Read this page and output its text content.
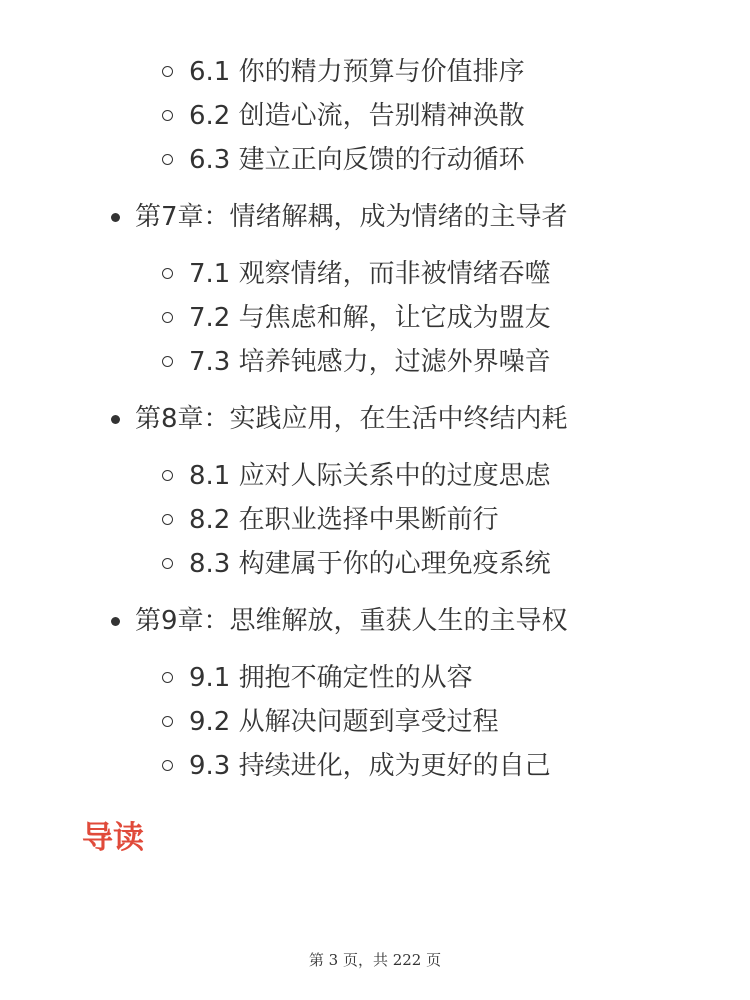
6.1 你的精力预算与价值排序
6.2 创造心流，告别精神涣散
6.3 建立正向反馈的行动循环
第7章：情绪解耦，成为情绪的主导者
7.1 观察情绪，而非被情绪吞噬
7.2 与焦虑和解，让它成为盟友
7.3 培养钝感力，过滤外界噪音
第8章：实践应用，在生活中终结内耗
8.1 应对人际关系中的过度思虑
8.2 在职业选择中果断前行
8.3 构建属于你的心理免疫系统
第9章：思维解放，重获人生的主导权
9.1 拥抱不确定性的从容
9.2 从解决问题到享受过程
9.3 持续进化，成为更好的自己
导读
第 3 页，共 222 页
